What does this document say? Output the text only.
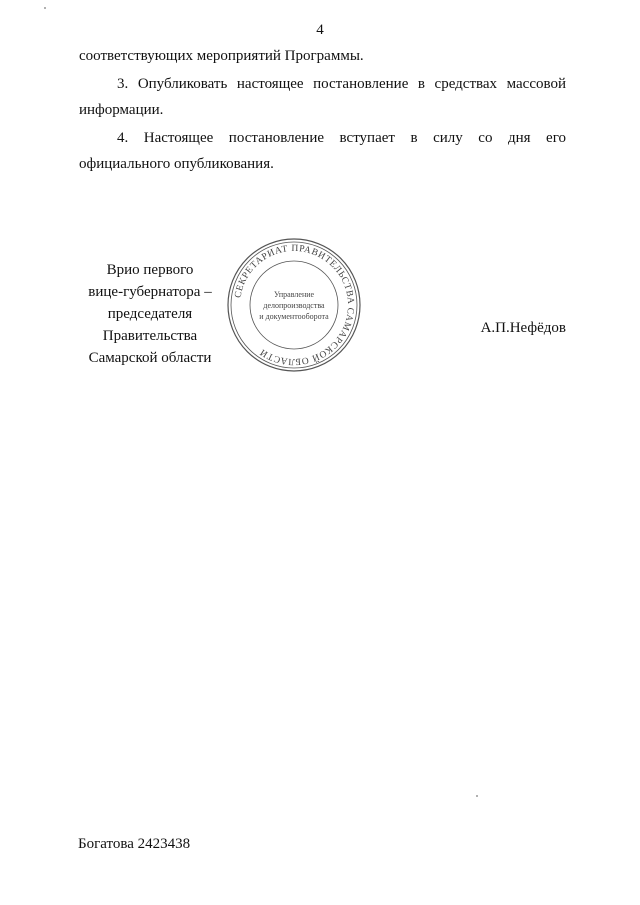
4
соответствующих мероприятий Программы.
3. Опубликовать настоящее постановление в средствах массовой
информации.
4. Настоящее постановление вступает в силу со дня его
официального опубликования.
Врио первого
вице-губернатора –
председателя Правительства
Самарской области
СЕКРЕТАРИАТ ПРАВИТЕЛЬСТВА САМАРСКОЙ ОБЛАСТИ
Управление
делопроизводства
и документооборота
А.П.Нефёдов
Богатова 2423438
